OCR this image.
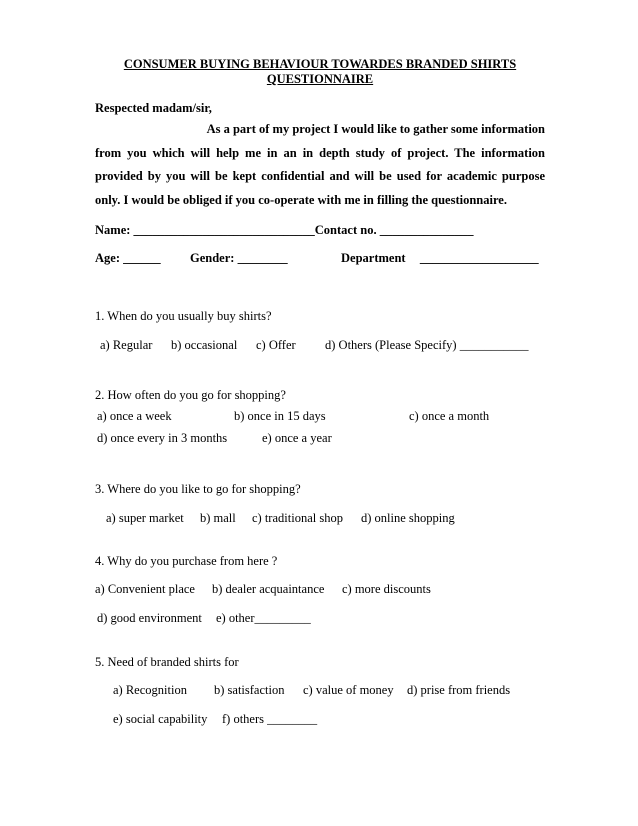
CONSUMER BUYING BEHAVIOUR TOWARDES BRANDED SHIRTS
QUESTIONNAIRE
Respected madam/sir,
As a part of my project I would like to gather some information
from you which will help me in an in depth study of project. The information
provided by you will be kept confidential and will be used for academic purpose
only. I would be obliged if you co-operate with me in filling the questionnaire.
Name: _____________________________Contact no. _______________
Age: ______ Gender: ________	Department ___________________
1. When do you usually buy shirts?
a) Regular b) occasional c) Offer d) Others (Please Specify) ___________
2. How often do you go for shopping?
a) once a week	b) once in 15 days	c) once a month
d) once every in 3 months	e) once a year
3. Where do you like to go for shopping?
a) super market b) mall c) traditional shop d) online shopping
4. Why do you purchase from here ?
a) Convenient place b) dealer acquaintance c) more discounts
d) good environment e) other_________
5. Need of branded shirts for
a) Recognition b) satisfaction c) value of money d) prise from friends
e) social capability f) others ________
